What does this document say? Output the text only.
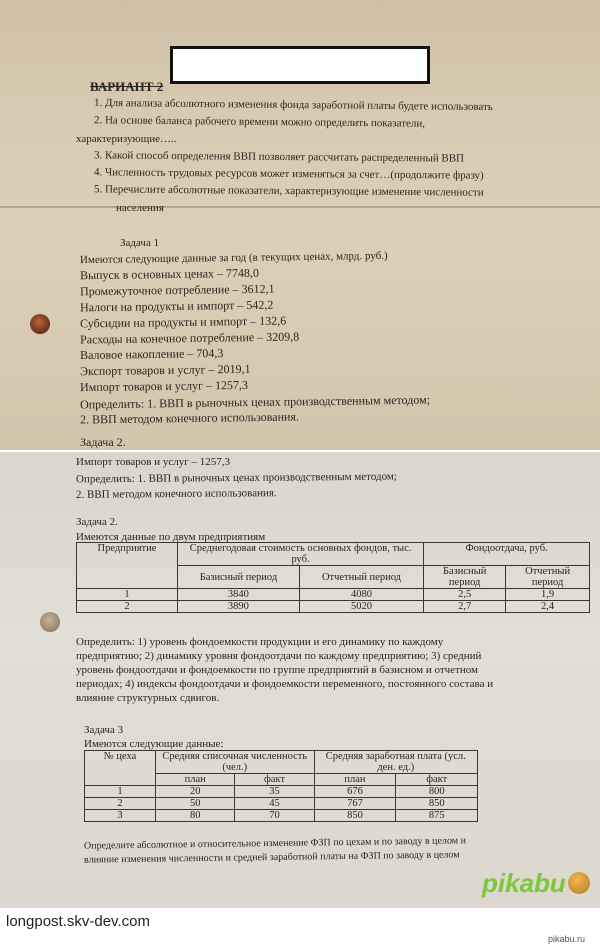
ВАРИАНТ 2
1. Для анализа абсолютного изменения фонда заработной платы будете использовать
2. На основе баланса рабочего времени можно определить показатели,
характеризующие…..
3. Какой способ определения ВВП позволяет рассчитать распределенный ВВП
4. Численность трудовых ресурсов может изменяться за счет…(продолжите фразу)
5. Перечислите абсолютные показатели, характеризующие изменение численности
населения
Задача 1
Имеются следующие данные за год (в текущих ценах, млрд. руб.)
Выпуск в основных ценах – 7748,0
Промежуточное потребление – 3612,1
Налоги на продукты и импорт – 542,2
Субсидии на продукты и импорт – 132,6
Расходы на конечное потребление – 3209,8
Валовое накопление – 704,3
Экспорт товаров и услуг – 2019,1
Импорт товаров и услуг – 1257,3
Определить: 1. ВВП в рыночных ценах производственным методом;
2. ВВП методом конечного использования.
Задача 2.
Импорт товаров и услуг – 1257,3
Определить: 1. ВВП в рыночных ценах производственным методом;
2. ВВП методом конечного использования.
Задача 2.
Имеются данные по двум предприятиям
Предприятие	Среднегодовая стоимость основных фондов, тыс. руб.		Фондоотдача, руб.	
	Базисный период	Отчетный период	Базисный период	Отчетный период
1	3840	4080	2,5	1,9
2	3890	5020	2,7	2,4
Определить: 1) уровень фондоемкости продукции и его динамику по каждому
предприятию; 2) динамику уровня фондоотдачи по каждому предприятию; 3) средний
уровень фондоотдачи и фондоемкости по группе предприятий в базисном и отчетном
периодах; 4) индексы фондоотдачи и фондоемкости переменного, постоянного состава и
влияние структурных сдвигов.
Задача 3
Имеются следующие данные:
№ цеха	Средняя списочная численность (чел.)		Средняя заработная плата (усл. ден. ед.)	
	план	факт	план	факт
1	20	35	676	800
2	50	45	767	850
3	80	70	850	875
Определите абсолютное и относительное изменение ФЗП по цехам и по заводу в целом и
влияние изменения численности и средней заработной платы на ФЗП по заводу в целом
pikabu
longpost.skv-dev.com
pikabu.ru
